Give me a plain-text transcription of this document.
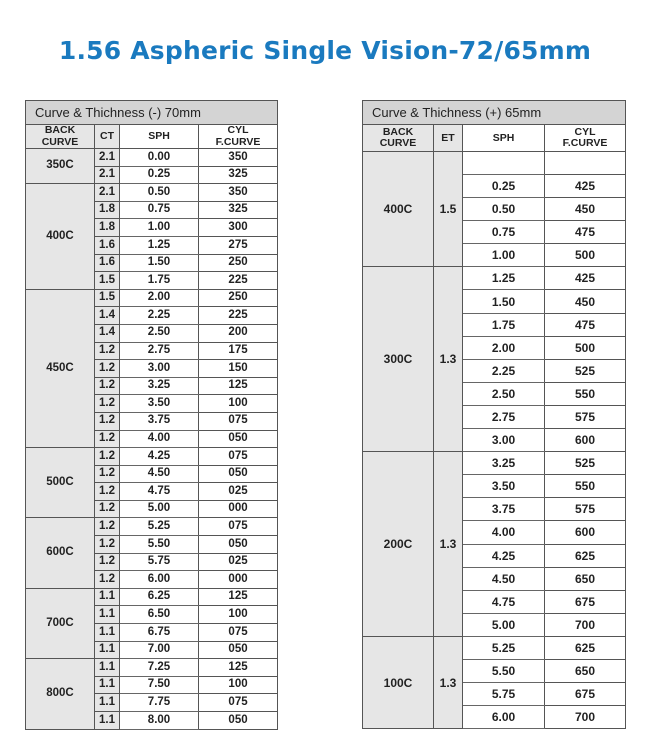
1.56 Aspheric Single Vision-72/65mm
Curve & Thichness (-) 70mm			
BACK
CURVE	CT	SPH	CYL
F.CURVE
350C	2.1	0.00	350
	2.1	0.25	325
400C	2.1	0.50	350
	1.8	0.75	325
	1.8	1.00	300
	1.6	1.25	275
	1.6	1.50	250
	1.5	1.75	225
450C	1.5	2.00	250
	1.4	2.25	225
	1.4	2.50	200
	1.2	2.75	175
	1.2	3.00	150
	1.2	3.25	125
	1.2	3.50	100
	1.2	3.75	075
	1.2	4.00	050
500C	1.2	4.25	075
	1.2	4.50	050
	1.2	4.75	025
	1.2	5.00	000
600C	1.2	5.25	075
	1.2	5.50	050
	1.2	5.75	025
	1.2	6.00	000
700C	1.1	6.25	125
	1.1	6.50	100
	1.1	6.75	075
	1.1	7.00	050
800C	1.1	7.25	125
	1.1	7.50	100
	1.1	7.75	075
	1.1	8.00	050
Curve & Thichness (+) 65mm			
BACK
CURVE	ET	SPH	CYL
F.CURVE
400C	1.5		
		0.25	425
		0.50	450
		0.75	475
		1.00	500
300C	1.3	1.25	425
		1.50	450
		1.75	475
		2.00	500
		2.25	525
		2.50	550
		2.75	575
		3.00	600
200C	1.3	3.25	525
		3.50	550
		3.75	575
		4.00	600
		4.25	625
		4.50	650
		4.75	675
		5.00	700
100C	1.3	5.25	625
		5.50	650
		5.75	675
		6.00	700
